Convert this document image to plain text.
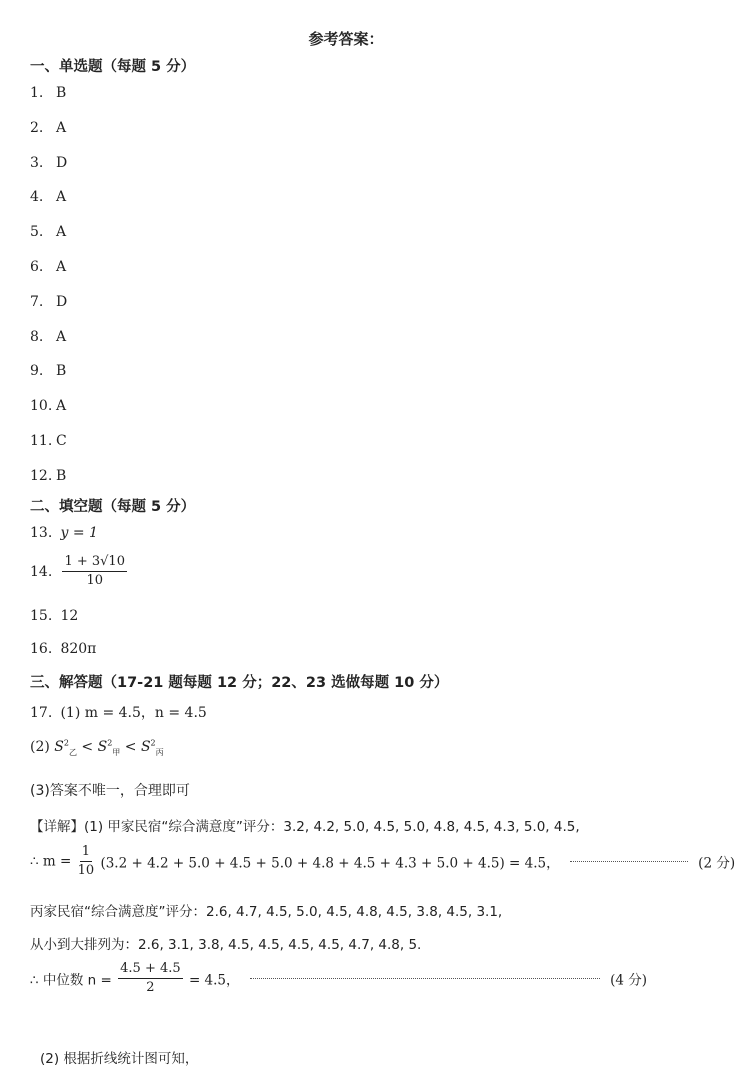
参考答案：
一、单选题（每题 5 分）
1. B
2. A
3. D
4. A
5. A
6. A
7. D
8. A
9. B
10. A
11. C
12. B
二、填空题（每题 5 分）
13. y = 1
14. $\frac{1 + 3√10}{10}$
15. 12
16. 820π
三、解答题（17-21 题每题 12 分；22、23 选做每题 10 分）
17. (1) m = 4.5，n = 4.5
(2) $S^2_乙 < S^2_甲 < S^2_丙$
(3)答案不唯一，合理即可
【详解】(1) 甲家民宿“综合满意度”评分：3.2, 4.2, 5.0, 4.5, 5.0, 4.8, 4.5, 4.3, 5.0, 4.5,
∴ $m = \frac{1}{10} (3.2 + 4.2 + 5.0 + 4.5 + 5.0 + 4.8 + 4.5 + 4.3 + 5.0 + 4.5) = 4.5$，	(2 分)
丙家民宿“综合满意度”评分：2.6, 4.7, 4.5, 5.0, 4.5, 4.8, 4.5, 3.8, 4.5, 3.1,
从小到大排列为：2.6, 3.1, 3.8, 4.5, 4.5, 4.5, 4.5, 4.7, 4.8, 5.
∴ 中位数 $n = \frac{4.5 + 4.5}{2} = 4.5$，	(4 分)
(2) 根据折线统计图可知，
